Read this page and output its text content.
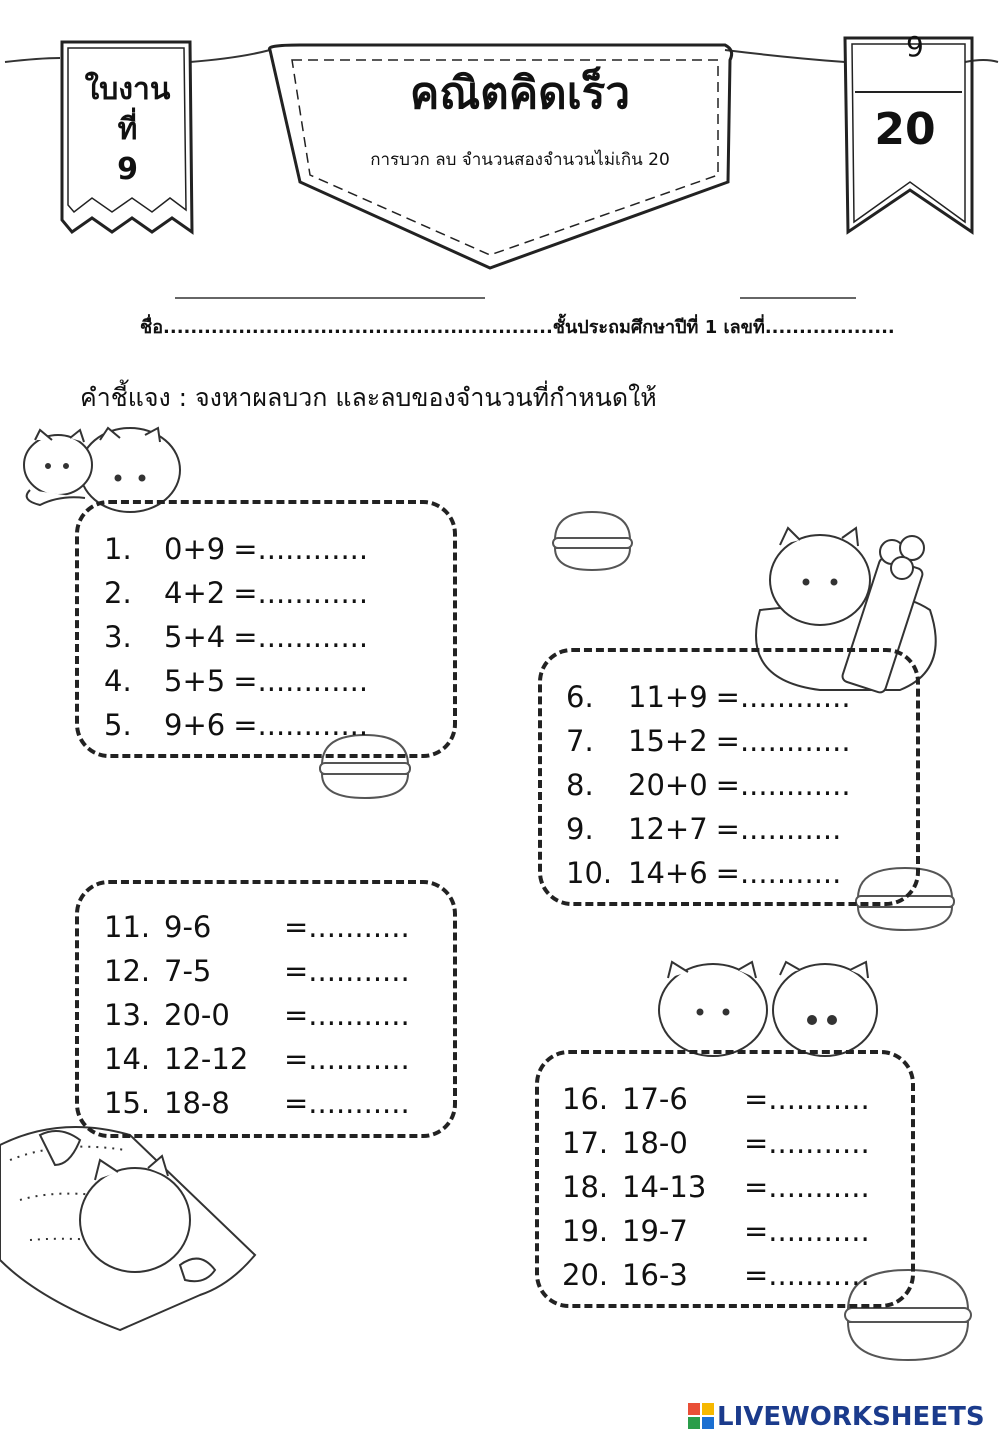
ใบงาน
ที่
9
คณิตคิดเร็ว
การบวก ลบ จำนวนสองจำนวนไม่เกิน 20
20
9
ชื่อ.........................................................ชั้นประถมศึกษาปีที่ 1 เลขที่...................
คำชี้แจง : จงหาผลบวก และลบของจำนวนที่กำหนดให้
1. 0+9 =............
2. 4+2 =............
3. 5+4 =............
4. 5+5 =............
5. 9+6 =............
6. 11+9 =............
7. 15+2 =............
8. 20+0 =............
9. 12+7 =...........
10. 14+6 =...........
11. 9-6	=...........
12. 7-5	=...........
13. 20-0 =...........
14. 12-12 =...........
15. 18-8 =...........	16. 17-6 =...........
17. 18-0 =...........
18. 14-13 =...........
19. 19-7 =...........
20. 16-3 =...........
LIVEWORKSHEETS
